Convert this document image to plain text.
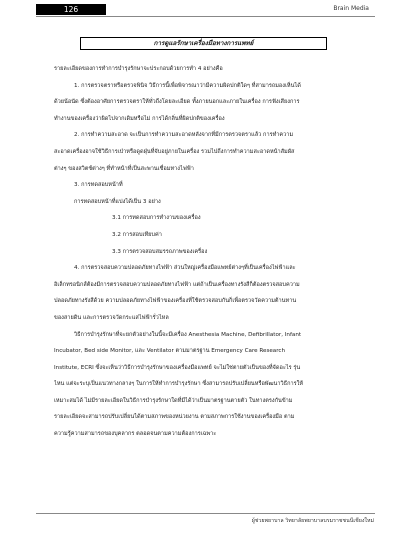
126	Brain Media
การดูแลรักษาเครื่องมือทางการแพทย์

รายละเอียดของการทำการบำรุงรักษาจะประกอบด้วยการทำ 4 อย่างคือ

1. การตรวจตราหรือตรวจพินิจ วิธีการนี้เพื่อพิจารณาว่ามีความผิดปกติใดๆ ที่สามารถมองเห็นได้

ด้วยน้อนัด ซึ่งต้องอาศัยการตรวจตราให้ทั่วถึงโดยละเอียด ทั้งภายนอกและภายในเครื่อง การฟังเสียงการ

ทำงานของเครื่องว่าผิดไปจากเดิมหรือไม่ การได้กลิ่นที่ผิดปกติของเครื่อง

2. การทำความสะอาด จะเป็นการทำความสะอาดหลังจากที่มีการตรวจตราแล้ว การทำความ

สะอาดเครื่องอาจใช้วิธีการเป่าหรือดูดฝุ่นที่จับอยู่ภายในเครื่อง รวมไปถึงการทำความสะอาดหน้าสัมผัส

ต่างๆ ของสวิตช์ต่างๆ ที่ทำหน้าที่เป็นสะพานเชื่อมทางไฟฟ้า

3. การทดสอบหน้าที่

การทดสอบหน้าที่แบ่งได้เป็น 3 อย่าง

3.1 การทดสอบการทำงานของเครื่อง

3.2 การสอบเทียบค่า

3.3 การตรวจสอบสมรรถภาพของเครื่อง

4. การตรวจสอบความปลอดภัยทางไฟฟ้า ส่วนใหญ่เครื่องมือแพทย์ต่างๆที่เป็นเครื่องไฟฟ้าและ

อิเล็กทรอนิกส์ต้องมีการตรวจสอบความปลอดภัยทางไฟฟ้า แต่ถ้าเป็นเครื่องทางรังสีก็ต้องตรวจสอบความ

ปลอดภัยทางรังสีด้วย ความปลอดภัยทางไฟฟ้าของเครื่องที่ใช้ตรวจสอบกันก็เพื่อตรวจวัดความต้านทาน

ของสายดิน และการตรวจวัดกระแสไฟฟ้ารั่วไหล

วิธีการบำรุงรักษาที่จะยกตัวอย่างในนี้จะมีเครื่อง Anesthesia Machine, Defibrillator, Infant

Incubator, Bed side Monitor, และ Ventilator ตามมาตรฐาน Emergency Care Research

Institute, ECRI ซึ่งจะเห็นว่าวิธีการบำรุงรักษาของเครื่องมือแพทย์ จะไม่ใช่ตายตัวเป็นของที่จัดอะไร รุ่น

ไหน แต่จะระบุเป็นแนวทางกลางๆ ในการให้ทำการบำรุงรักษา ซึ่งสามารถปรับเปลี่ยนหรือพัฒนาวิธีการให้

เหมาะสมได้ ไม่มีรายละเอียดในวิธีการบำรุงรักษาใดที่มีได้ว่าเป็นมาตรฐานตายตัว ในทางตรงกันข้าม

รายละเอียดจะสามารถปรับเปลี่ยนได้ตามสภาพของหน่วยงาน ตามสภาพการใช้งานของเครื่องมือ ตาม

ความรู้ความสามารถของบุคลากร ตลอดจนตามความต้องการเฉพาะ

ผู้ช่วยพยาบาล วิทยาลัยพยาบาลบรมราชชนนีเชียงใหม่
